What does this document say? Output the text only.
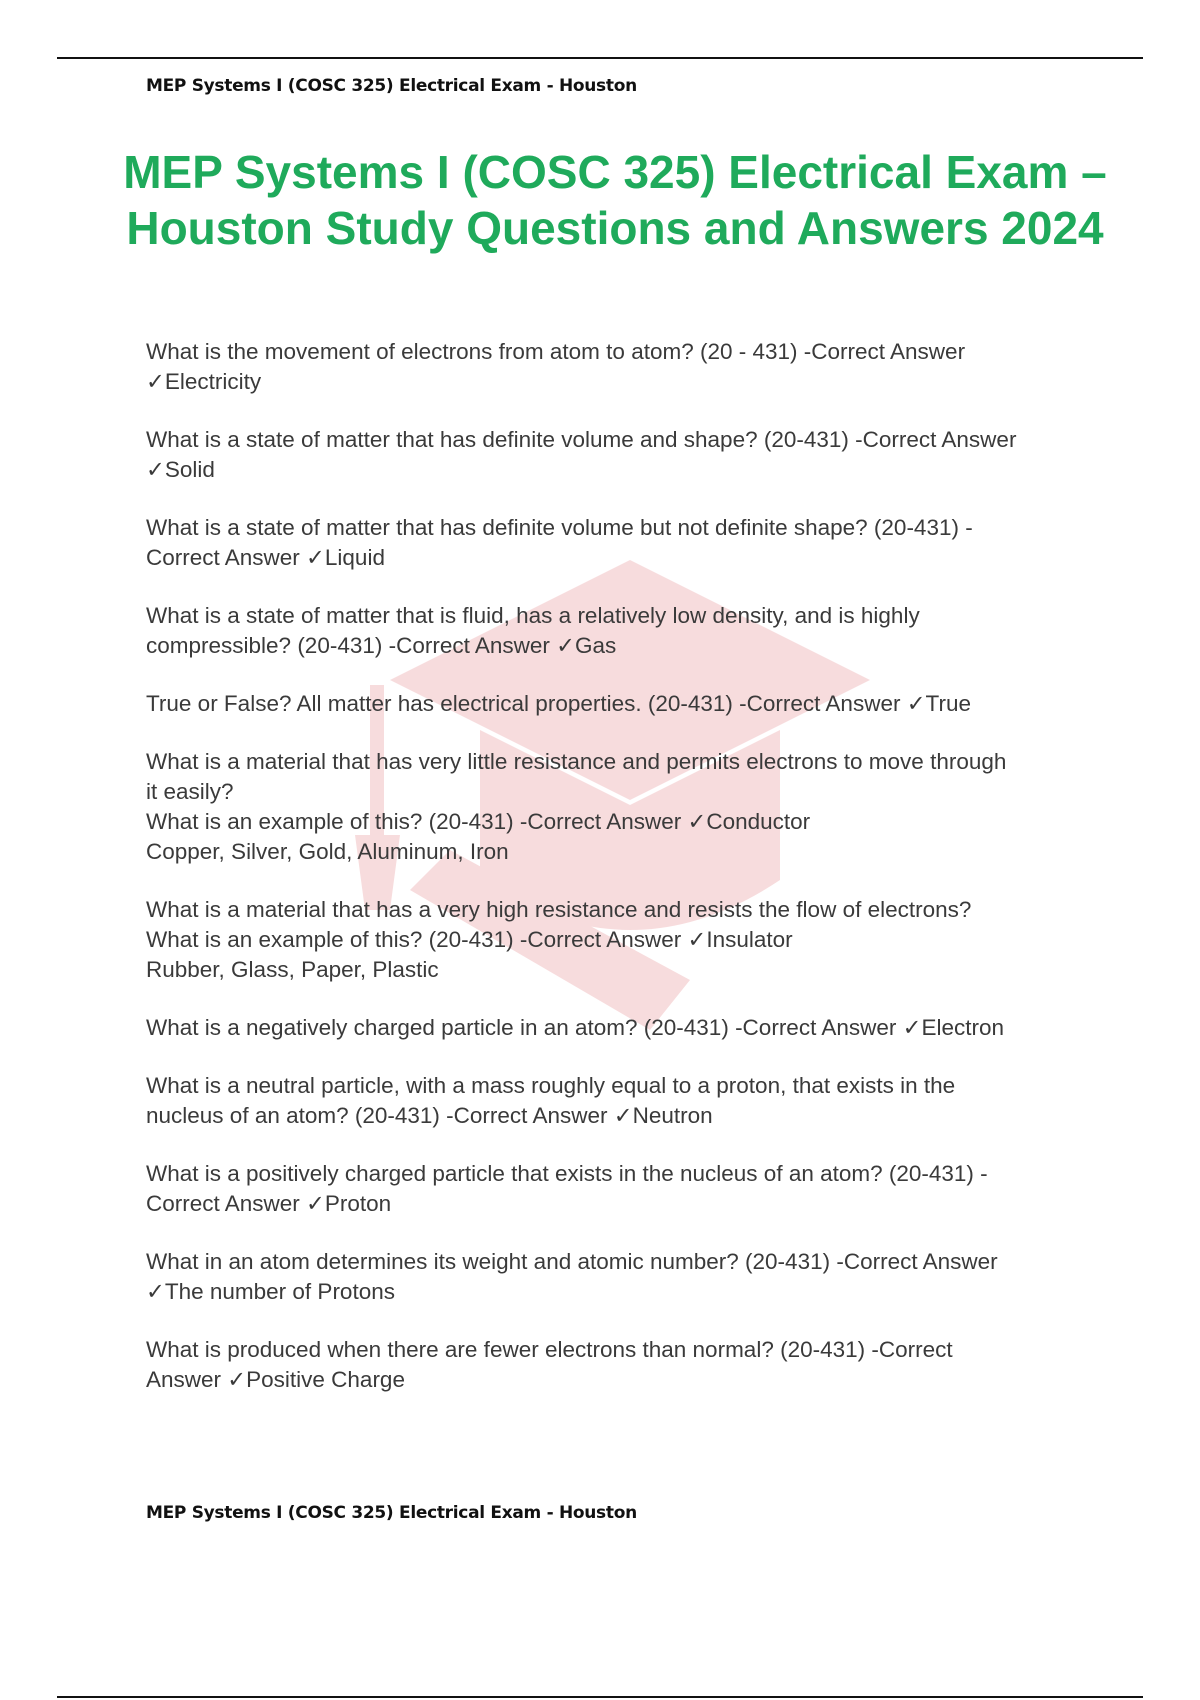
MEP Systems I (COSC 325) Electrical Exam - Houston
MEP Systems I (COSC 325) Electrical Exam – Houston Study Questions and Answers 2024

What is the movement of electrons from atom to atom? (20 - 431) -Correct Answer
✓Electricity

What is a state of matter that has definite volume and shape? (20-431) -Correct Answer
✓Solid

What is a state of matter that has definite volume but not definite shape? (20-431) -
Correct Answer ✓Liquid

What is a state of matter that is fluid, has a relatively low density, and is highly
compressible? (20-431) -Correct Answer ✓Gas

True or False? All matter has electrical properties. (20-431) -Correct Answer ✓True

What is a material that has very little resistance and permits electrons to move through
it easily?
What is an example of this? (20-431) -Correct Answer ✓Conductor
Copper, Silver, Gold, Aluminum, Iron

What is a material that has a very high resistance and resists the flow of electrons?
What is an example of this? (20-431) -Correct Answer ✓Insulator
Rubber, Glass, Paper, Plastic

What is a negatively charged particle in an atom? (20-431) -Correct Answer ✓Electron

What is a neutral particle, with a mass roughly equal to a proton, that exists in the
nucleus of an atom? (20-431) -Correct Answer ✓Neutron

What is a positively charged particle that exists in the nucleus of an atom? (20-431) -
Correct Answer ✓Proton

What in an atom determines its weight and atomic number? (20-431) -Correct Answer
✓The number of Protons

What is produced when there are fewer electrons than normal? (20-431) -Correct
Answer ✓Positive Charge

MEP Systems I (COSC 325) Electrical Exam - Houston
